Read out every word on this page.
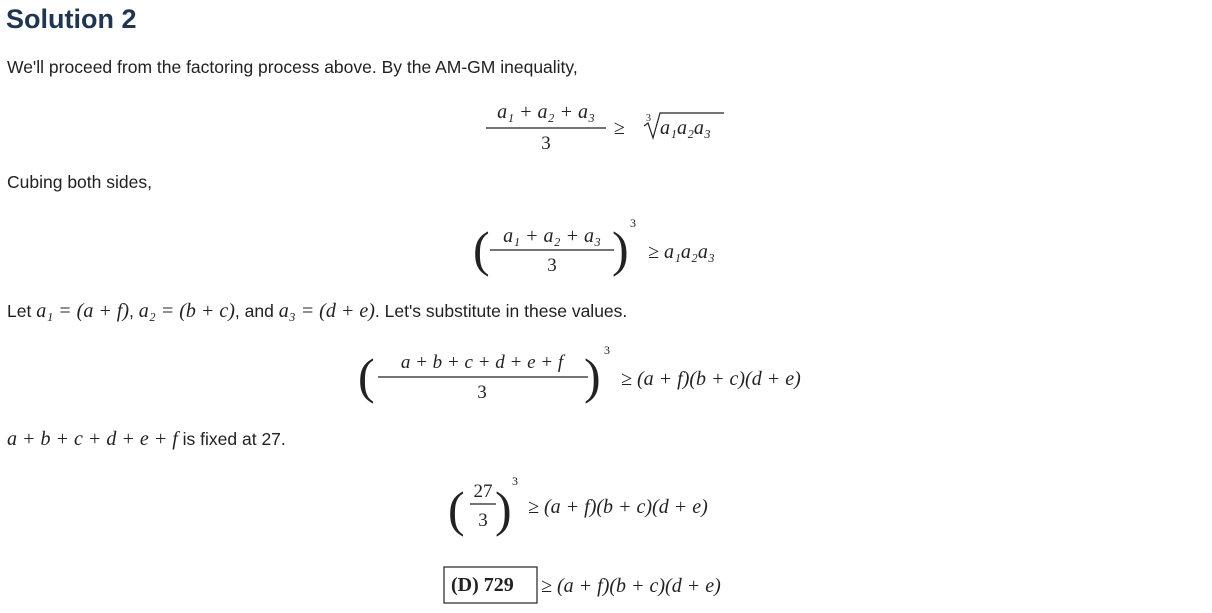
Solution 2
We'll proceed from the factoring process above. By the AM-GM inequality,
a₁ + a₂ + a₃
3
≥ 3 a₁a₂a₃
Cubing both sides,
( a₁ + a₂ + a₃
3 ) 3
≥ a₁a₂a₃
Let a₁ = (a + f), a₂ = (b + c), and a₃ = (d + e). Let's substitute in these values.
( a + b + c + d + e + f
3 ) 3
≥ (a + f)(b + c)(d + e)
a + b + c + d + e + f is fixed at 27.
( 27
3 ) 3
≥ (a + f)(b + c)(d + e)
(D) 729 ≥ (a + f)(b + c)(d + e)
